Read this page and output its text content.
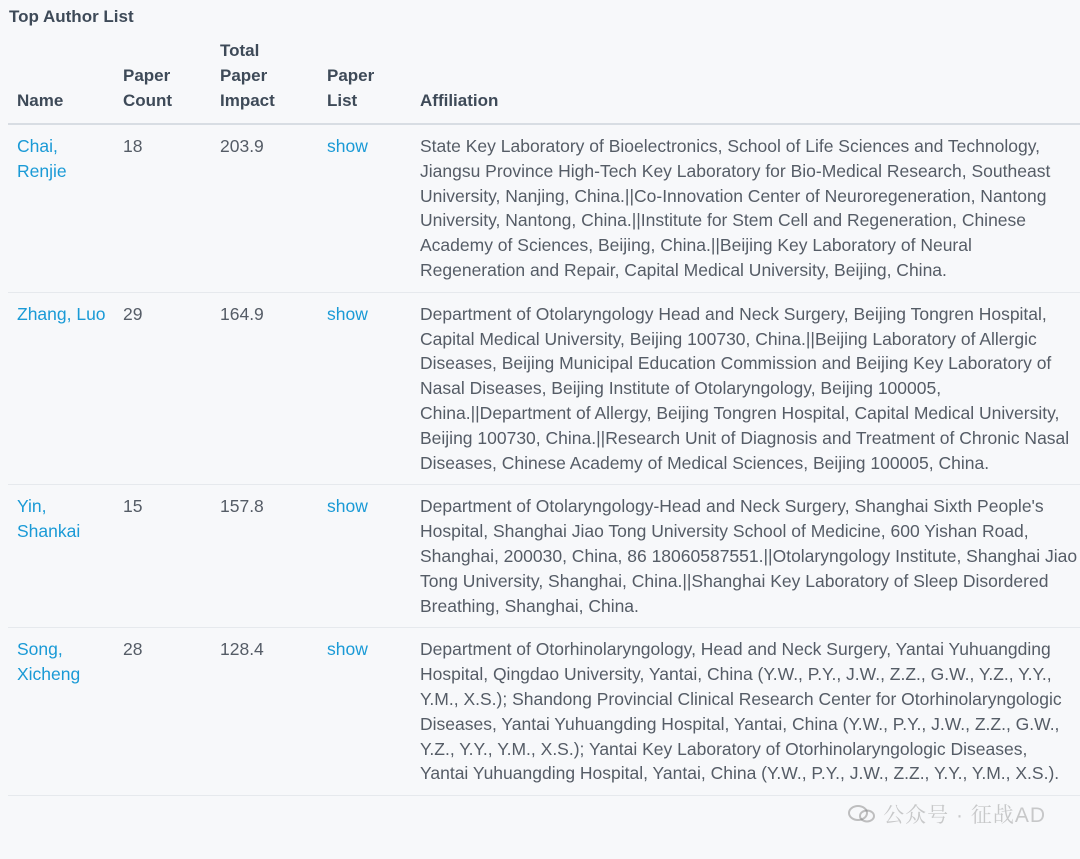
Top Author List
Name	Paper Count	Total Paper Impact	Paper List	Affiliation
Chai, Renjie	18	203.9	show	State Key Laboratory of Bioelectronics, School of Life Sciences and Technology, Jiangsu Province High-Tech Key Laboratory for Bio-Medical Research, Southeast University, Nanjing, China.||Co-Innovation Center of Neuroregeneration, Nantong University, Nantong, China.||Institute for Stem Cell and Regeneration, Chinese Academy of Sciences, Beijing, China.||Beijing Key Laboratory of Neural Regeneration and Repair, Capital Medical University, Beijing, China.
Zhang, Luo	29	164.9	show	Department of Otolaryngology Head and Neck Surgery, Beijing Tongren Hospital, Capital Medical University, Beijing 100730, China.||Beijing Laboratory of Allergic Diseases, Beijing Municipal Education Commission and Beijing Key Laboratory of Nasal Diseases, Beijing Institute of Otolaryngology, Beijing 100005, China.||Department of Allergy, Beijing Tongren Hospital, Capital Medical University, Beijing 100730, China.||Research Unit of Diagnosis and Treatment of Chronic Nasal Diseases, Chinese Academy of Medical Sciences, Beijing 100005, China.
Yin, Shankai	15	157.8	show	Department of Otolaryngology-Head and Neck Surgery, Shanghai Sixth People's Hospital, Shanghai Jiao Tong University School of Medicine, 600 Yishan Road, Shanghai, 200030, China, 86 18060587551.||Otolaryngology Institute, Shanghai Jiao Tong University, Shanghai, China.||Shanghai Key Laboratory of Sleep Disordered Breathing, Shanghai, China.
Song, Xicheng	28	128.4	show	Department of Otorhinolaryngology, Head and Neck Surgery, Yantai Yuhuangding Hospital, Qingdao University, Yantai, China (Y.W., P.Y., J.W., Z.Z., G.W., Y.Z., Y.Y., Y.M., X.S.); Shandong Provincial Clinical Research Center for Otorhinolaryngologic Diseases, Yantai Yuhuangding Hospital, Yantai, China (Y.W., P.Y., J.W., Z.Z., G.W., Y.Z., Y.Y., Y.M., X.S.); Yantai Key Laboratory of Otorhinolaryngologic Diseases, Yantai Yuhuangding Hospital, Yantai, China (Y.W., P.Y., J.W., Z.Z., Y.Y., Y.M., X.S.).
公众号 · 征战AD
